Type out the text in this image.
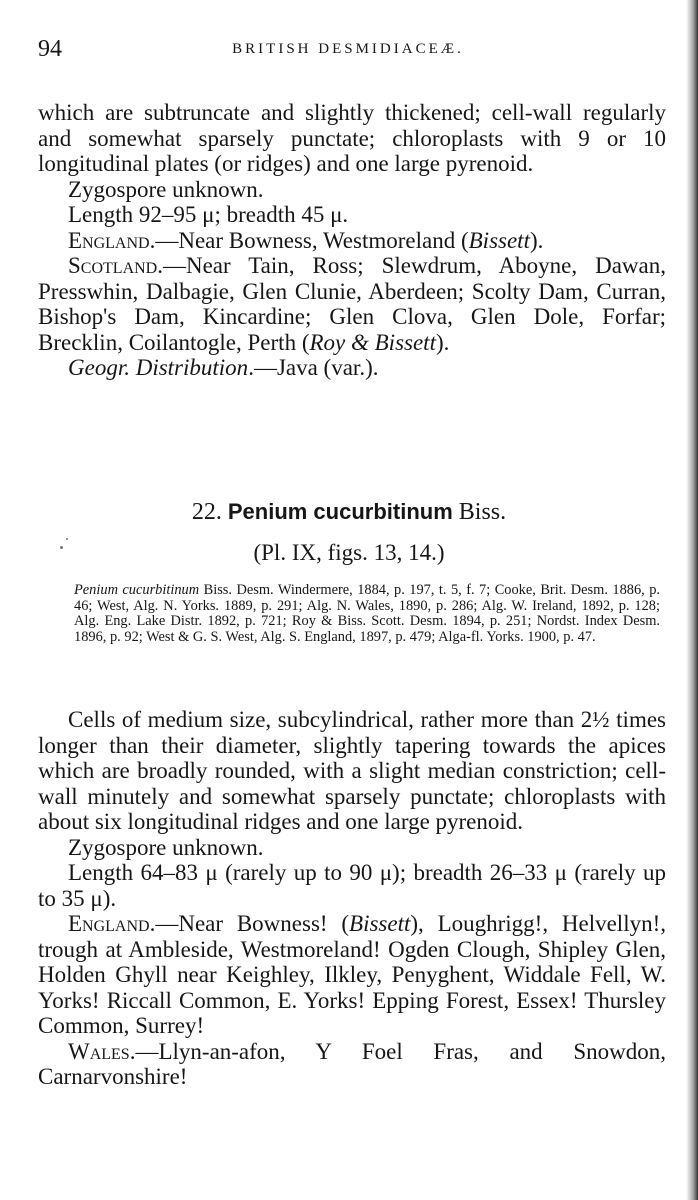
94	BRITISH DESMIDIACEÆ.

which are subtruncate and slightly thickened; cell-wall regularly and somewhat sparsely punctate; chloroplasts with 9 or 10 longitudinal plates (or ridges) and one large pyrenoid.

Zygospore unknown.

Length 92–95 μ; breadth 45 μ.

England.—Near Bowness, Westmoreland (Bissett).

Scotland.—Near Tain, Ross; Slewdrum, Aboyne, Dawan, Presswhin, Dalbagie, Glen Clunie, Aberdeen; Scolty Dam, Curran, Bishop's Dam, Kincardine; Glen Clova, Glen Dole, Forfar; Brecklin, Coilantogle, Perth (Roy & Bissett).

Geogr. Distribution.—Java (var.).

22. Penium cucurbitinum Biss.
(Pl. IX, figs. 13, 14.)

Penium cucurbitinum Biss. Desm. Windermere, 1884, p. 197, t. 5, f. 7; Cooke, Brit. Desm. 1886, p. 46; West, Alg. N. Yorks. 1889, p. 291; Alg. N. Wales, 1890, p. 286; Alg. W. Ireland, 1892, p. 128; Alg. Eng. Lake Distr. 1892, p. 721; Roy & Biss. Scott. Desm. 1894, p. 251; Nordst. Index Desm. 1896, p. 92; West & G. S. West, Alg. S. England, 1897, p. 479; Alga-fl. Yorks. 1900, p. 47.

Cells of medium size, subcylindrical, rather more than 2½ times longer than their diameter, slightly tapering towards the apices which are broadly rounded, with a slight median constriction; cell-wall minutely and somewhat sparsely punctate; chloroplasts with about six longitudinal ridges and one large pyrenoid.

Zygospore unknown.

Length 64–83 μ (rarely up to 90 μ); breadth 26–33 μ (rarely up to 35 μ).

England.—Near Bowness! (Bissett), Loughrigg!, Helvellyn!, trough at Ambleside, Westmoreland! Ogden Clough, Shipley Glen, Holden Ghyll near Keighley, Ilkley, Penyghent, Widdale Fell, W. Yorks! Riccall Common, E. Yorks! Epping Forest, Essex! Thursley Common, Surrey!

Wales.—Llyn-an-afon, Y Foel Fras, and Snowdon, Carnarvonshire!
